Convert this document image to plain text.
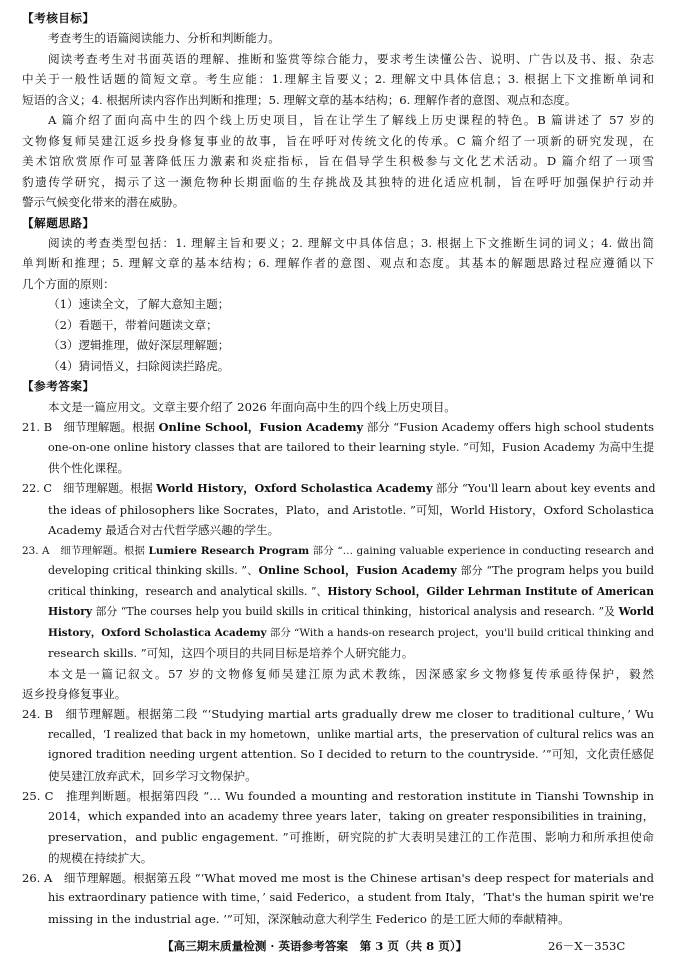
【考核目标】
考查考生的语篇阅读能力、分析和判断能力。
阅读考查考生对书面英语的理解、推断和鉴赏等综合能力，要求考生读懂公告、说明、广告以及书、报、杂志
中关于一般性话题的简短文章。考生应能：1.理解主旨要义；2. 理解文中具体信息；3. 根据上下文推断单词和
短语的含义；4. 根据所读内容作出判断和推理；5. 理解文章的基本结构；6. 理解作者的意图、观点和态度。
A 篇介绍了面向高中生的四个线上历史项目，旨在让学生了解线上历史课程的特色。B 篇讲述了 57 岁的
文物修复师吴建江返乡投身修复事业的故事，旨在呼吁对传统文化的传承。C 篇介绍了一项新的研究发现，在
美术馆欣赏原作可显著降低压力激素和炎症指标，旨在倡导学生积极参与文化艺术活动。D 篇介绍了一项雪
豹遗传学研究，揭示了这一濒危物种长期面临的生存挑战及其独特的进化适应机制，旨在呼吁加强保护行动并
警示气候变化带来的潜在威胁。
【解题思路】
阅读的考查类型包括：1. 理解主旨和要义；2. 理解文中具体信息；3. 根据上下文推断生词的词义；4. 做出简
单判断和推理；5. 理解文章的基本结构；6. 理解作者的意图、观点和态度。其基本的解题思路过程应遵循以下
几个方面的原则：
（1）速读全文，了解大意知主题；
（2）看题干，带着问题读文章；
（3）逻辑推理，做好深层理解题；
（4）猜词悟义，扫除阅读拦路虎。
【参考答案】
本文是一篇应用文。文章主要介绍了 2026 年面向高中生的四个线上历史项目。
21. B　细节理解题。根据 Online School，Fusion Academy 部分 “Fusion Academy offers high school students
one-on-one online history classes that are tailored to their learning style. ”可知，Fusion Academy 为高中生提
供个性化课程。
22. C　细节理解题。根据 World History，Oxford Scholastica Academy 部分 “You'll learn about key events and
the ideas of philosophers like Socrates，Plato，and Aristotle. ”可知，World History，Oxford Scholastica
Academy 最适合对古代哲学感兴趣的学生。
23. A　细节理解题。根据 Lumiere Research Program 部分 “… gaining valuable experience in conducting research and
developing critical thinking skills. ”、Online School，Fusion Academy 部分 “The program helps you build
critical thinking，research and analytical skills. ”、History School，Gilder Lehrman Institute of American
History 部分 “The courses help you build skills in critical thinking，historical analysis and research. ”及 World
History，Oxford Scholastica Academy 部分 “With a hands-on research project，you'll build critical thinking and
research skills. ”可知，这四个项目的共同目标是培养个人研究能力。
本文是一篇记叙文。57 岁的文物修复师吴建江原为武术教练，因深感家乡文物修复传承亟待保护，毅然
返乡投身修复事业。
24. B　细节理解题。根据第二段 “‘Studying martial arts gradually drew me closer to traditional culture，’ Wu
recalled，‘I realized that back in my hometown，unlike martial arts，the preservation of cultural relics was an
ignored tradition needing urgent attention. So I decided to return to the countryside. ’”可知，文化责任感促
使吴建江放弃武术，回乡学习文物保护。
25. C　推理判断题。根据第四段 “… Wu founded a mounting and restoration institute in Tianshi Township in
2014，which expanded into an academy three years later，taking on greater responsibilities in training，
preservation，and public engagement. ”可推断，研究院的扩大表明吴建江的工作范围、影响力和所承担使命
的规模在持续扩大。
26. A　细节理解题。根据第五段 “‘What moved me most is the Chinese artisan's deep respect for materials and
his extraordinary patience with time，’ said Federico，a student from Italy，‘That's the human spirit we're
missing in the industrial age. ’”可知，深深触动意大利学生 Federico 的是工匠大师的奉献精神。
【高三期末质量检测 · 英语参考答案　第 3 页（共 8 页）】	26－X－353C
